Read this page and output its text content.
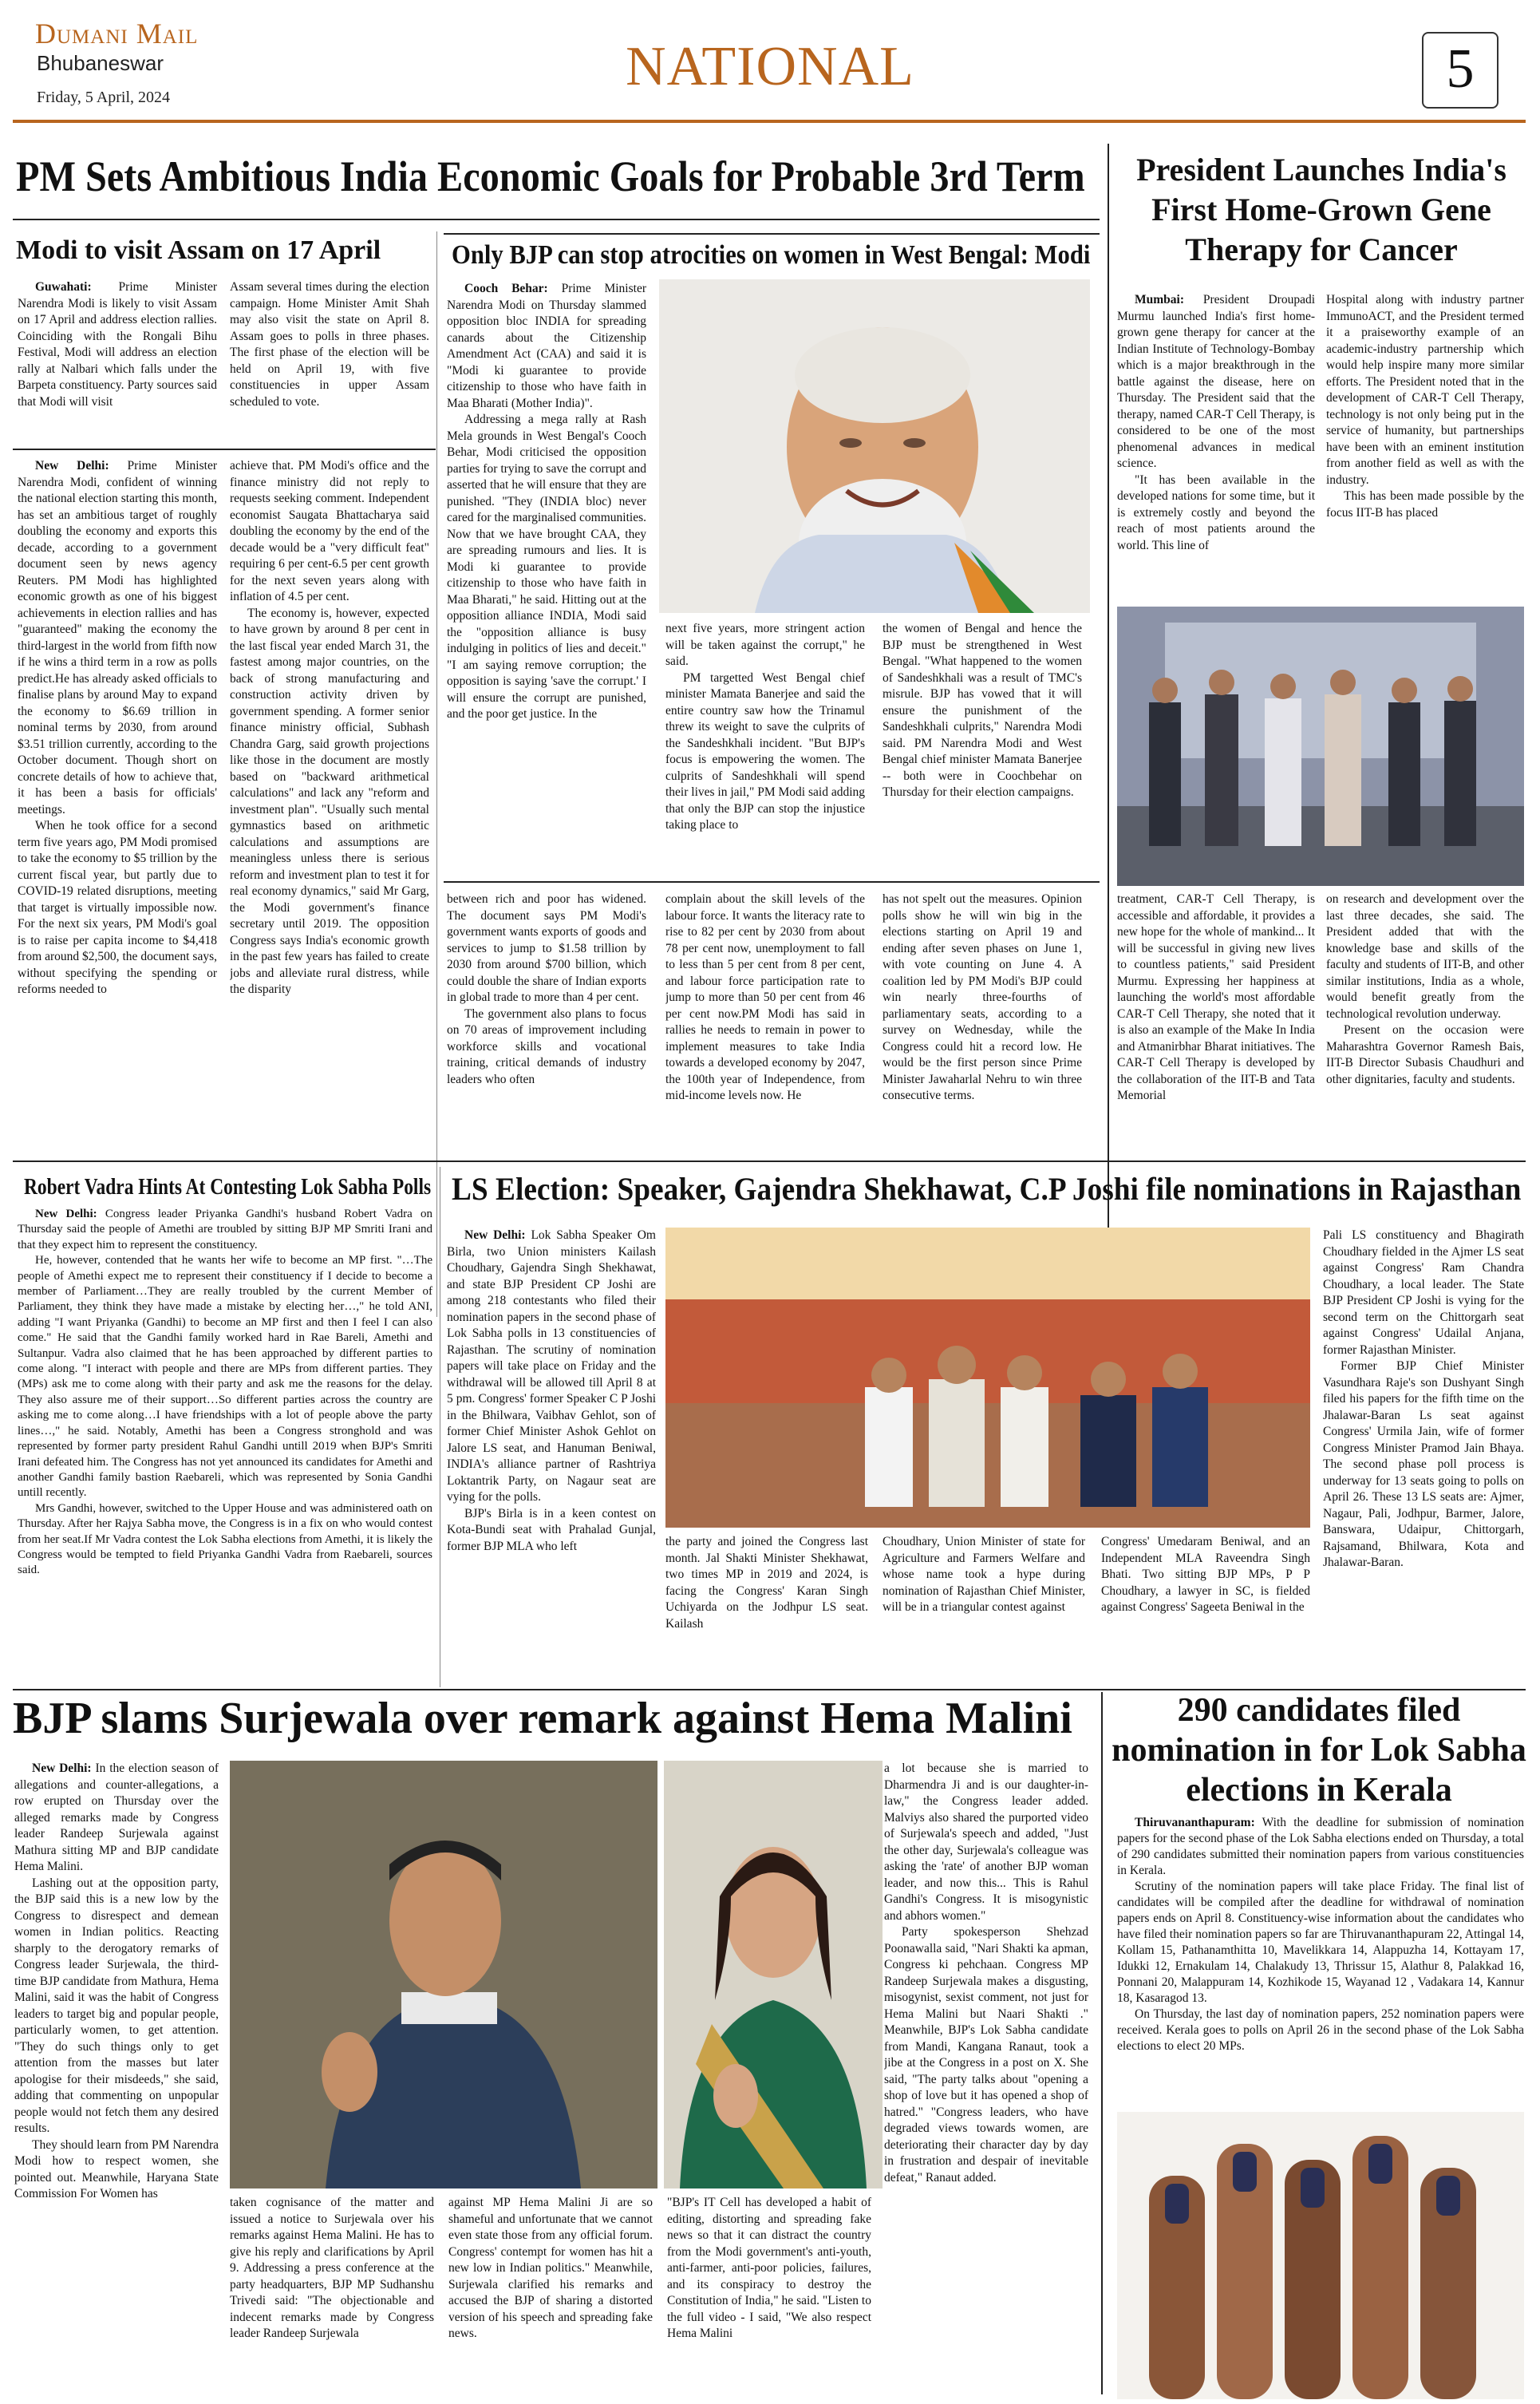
Dumani Mail
Bhubaneswar
Friday, 5 April, 2024	NATIONAL	5
PM Sets Ambitious India Economic Goals for Probable 3rd Term
Modi to visit Assam on 17 April

Guwahati: Prime Minister Narendra Modi is likely to visit Assam on 17 April and address election rallies. Coinciding with the Rongali Bihu Festival, Modi will address an election rally at Nalbari which falls under the Barpeta constituency. Party sources said that Modi will visit

Assam several times during the election campaign. Home Minister Amit Shah may also visit the state on April 8. Assam goes to polls in three phases. The first phase of the election will be held on April 19, with five constituencies in upper Assam scheduled to vote.

New Delhi: Prime Minister Narendra Modi, confident of winning the national election starting this month, has set an ambitious target of roughly doubling the economy and exports this decade, according to a government document seen by news agency Reuters. PM Modi has highlighted economic growth as one of his biggest achievements in election rallies and has "guaranteed" making the economy the third-largest in the world from fifth now if he wins a third term in a row as polls predict.He has already asked officials to finalise plans by around May to expand the economy to $6.69 trillion in nominal terms by 2030, from around $3.51 trillion currently, according to the October document. Though short on concrete details of how to achieve that, it has been a basis for officials' meetings.

When he took office for a second term five years ago, PM Modi promised to take the economy to $5 trillion by the current fiscal year, but partly due to COVID-19 related disruptions, meeting that target is virtually impossible now. For the next six years, PM Modi's goal is to raise per capita income to $4,418 from around $2,500, the document says, without specifying the spending or reforms needed to

achieve that. PM Modi's office and the finance ministry did not reply to requests seeking comment. Independent economist Saugata Bhattacharya said doubling the economy by the end of the decade would be a "very difficult feat" requiring 6 per cent-6.5 per cent growth for the next seven years along with inflation of 4.5 per cent.

The economy is, however, expected to have grown by around 8 per cent in the last fiscal year ended March 31, the fastest among major countries, on the back of strong manufacturing and construction activity driven by government spending. A former senior finance ministry official, Subhash Chandra Garg, said growth projections like those in the document are mostly based on "backward arithmetical calculations" and lack any "reform and investment plan". "Usually such mental gymnastics based on arithmetic calculations and assumptions are meaningless unless there is serious reform and investment plan to test it for real economy dynamics," said Mr Garg, the Modi government's finance secretary until 2019. The opposition Congress says India's economic growth in the past few years has failed to create jobs and alleviate rural distress, while the disparity

between rich and poor has widened. The document says PM Modi's government wants exports of goods and services to jump to $1.58 trillion by 2030 from around $700 billion, which could double the share of Indian exports in global trade to more than 4 per cent.

The government also plans to focus on 70 areas of improvement including workforce skills and vocational training, critical demands of industry leaders who often

complain about the skill levels of the labour force. It wants the literacy rate to rise to 82 per cent by 2030 from about 78 per cent now, unemployment to fall to less than 5 per cent from 8 per cent, and labour force participation rate to jump to more than 50 per cent from 46 per cent now.PM Modi has said in rallies he needs to remain in power to implement measures to take India towards a developed economy by 2047, the 100th year of Independence, from mid-income levels now. He

has not spelt out the measures. Opinion polls show he will win big in the elections starting on April 19 and ending after seven phases on June 1, with vote counting on June 4. A coalition led by PM Modi's BJP could win nearly three-fourths of parliamentary seats, according to a survey on Wednesday, while the Congress could hit a record low. He would be the first person since Prime Minister Jawaharlal Nehru to win three consecutive terms.

Only BJP can stop atrocities on women in West Bengal: Modi

Cooch Behar: Prime Minister Narendra Modi on Thursday slammed opposition bloc INDIA for spreading canards about the Citizenship Amendment Act (CAA) and said it is "Modi ki guarantee to provide citizenship to those who have faith in Maa Bharati (Mother India)".

Addressing a mega rally at Rash Mela grounds in West Bengal's Cooch Behar, Modi criticised the opposition parties for trying to save the corrupt and asserted that he will ensure that they are punished. "They (INDIA bloc) never cared for the marginalised communities. Now that we have brought CAA, they are spreading rumours and lies. It is Modi ki guarantee to provide citizenship to those who have faith in Maa Bharati," he said. Hitting out at the opposition alliance INDIA, Modi said the "opposition alliance is busy indulging in politics of lies and deceit." "I am saying remove corruption; the opposition is saying 'save the corrupt.' I will ensure the corrupt are punished, and the poor get justice. In the

next five years, more stringent action will be taken against the corrupt," he said.

PM targetted West Bengal chief minister Mamata Banerjee and said the entire country saw how the Trinamul threw its weight to save the culprits of the Sandeshkhali incident. "But BJP's focus is empowering the women. The culprits of Sandeshkhali will spend their lives in jail," PM Modi said adding that only the BJP can stop the injustice taking place to

the women of Bengal and hence the BJP must be strengthened in West Bengal. "What happened to the women of Sandeshkhali was a result of TMC's misrule. BJP has vowed that it will ensure the punishment of the Sandeshkhali culprits," Narendra Modi said. PM Narendra Modi and West Bengal chief minister Mamata Banerjee -- both were in Coochbehar on Thursday for their election campaigns.

President Launches India's First Home-Grown Gene Therapy for Cancer

Mumbai: President Droupadi Murmu launched India's first home-grown gene therapy for cancer at the Indian Institute of Technology-Bombay which is a major breakthrough in the battle against the disease, here on Thursday. The President said that the therapy, named CAR-T Cell Therapy, is considered to be one of the most phenomenal advances in medical science.

"It has been available in the developed nations for some time, but it is extremely costly and beyond the reach of most patients around the world. This line of

Hospital along with industry partner ImmunoACT, and the President termed it a praiseworthy example of an academic-industry partnership which would help inspire many more similar efforts. The President noted that in the development of CAR-T Cell Therapy, technology is not only being put in the service of humanity, but partnerships have been with an eminent institution from another field as well as with the industry.

This has been made possible by the focus IIT-B has placed

treatment, CAR-T Cell Therapy, is accessible and affordable, it provides a new hope for the whole of mankind... It will be successful in giving new lives to countless patients," said President Murmu. Expressing her happiness at launching the world's most affordable CAR-T Cell Therapy, she noted that it is also an example of the Make In India and Atmanirbhar Bharat initiatives. The CAR-T Cell Therapy is developed by the collaboration of the IIT-B and Tata Memorial

on research and development over the last three decades, she said. The President added that with the knowledge base and skills of the faculty and students of IIT-B, and other similar institutions, India as a whole, would benefit greatly from the technological revolution underway.

Present on the occasion were Maharashtra Governor Ramesh Bais, IIT-B Director Subasis Chaudhuri and other dignitaries, faculty and students.

Robert Vadra Hints At Contesting Lok Sabha Polls

New Delhi: Congress leader Priyanka Gandhi's husband Robert Vadra on Thursday said the people of Amethi are troubled by sitting BJP MP Smriti Irani and that they expect him to represent the constituency.

He, however, contended that he wants her wife to become an MP first. "…The people of Amethi expect me to represent their constituency if I decide to become a member of Parliament…They are really troubled by the current Member of Parliament, they think they have made a mistake by electing her…," he told ANI, adding "I want Priyanka (Gandhi) to become an MP first and then I feel I can also come." He said that the Gandhi family worked hard in Rae Bareli, Amethi and Sultanpur. Vadra also claimed that he has been approached by different parties to come along. "I interact with people and there are MPs from different parties. They (MPs) ask me to come along with their party and ask me the reasons for the delay. They also assure me of their support…So different parties across the country are asking me to come along…I have friendships with a lot of people above the party lines…," he said. Notably, Amethi has been a Congress stronghold and was represented by former party president Rahul Gandhi untill 2019 when BJP's Smriti Irani defeated him. The Congress has not yet announced its candidates for Amethi and another Gandhi family bastion Raebareli, which was represented by Sonia Gandhi untill recently.

Mrs Gandhi, however, switched to the Upper House and was administered oath on Thursday. After her Rajya Sabha move, the Congress is in a fix on who would contest from her seat.If Mr Vadra contest the Lok Sabha elections from Amethi, it is likely the Congress would be tempted to field Priyanka Gandhi Vadra from Raebareli, sources said.

LS Election: Speaker, Gajendra Shekhawat, C.P Joshi file nominations in Rajasthan

New Delhi: Lok Sabha Speaker Om Birla, two Union ministers Kailash Choudhary, Gajendra Singh Shekhawat, and state BJP President CP Joshi are among 218 contestants who filed their nomination papers in the second phase of Lok Sabha polls in 13 constituencies of Rajasthan. The scrutiny of nomination papers will take place on Friday and the withdrawal will be allowed till April 8 at 5 pm. Congress' former Speaker C P Joshi in the Bhilwara, Vaibhav Gehlot, son of former Chief Minister Ashok Gehlot on Jalore LS seat, and Hanuman Beniwal, INDIA's alliance partner of Rashtriya Loktantrik Party, on Nagaur seat are vying for the polls.

BJP's Birla is in a keen contest on Kota-Bundi seat with Prahalad Gunjal, former BJP MLA who left	the party and joined the Congress last month. Jal Shakti Minister Shekhawat, two times MP in 2019 and 2024, is facing the Congress' Karan Singh Uchiyarda on the Jodhpur LS seat. Kailash

Choudhary, Union Minister of state for Agriculture and Farmers Welfare and whose name took a hype during nomination of Rajasthan Chief Minister, will be in a triangular contest against

Congress' Umedaram Beniwal, and an Independent MLA Raveendra Singh Bhati. Two sitting BJP MPs, P P Choudhary, a lawyer in SC, is fielded against Congress' Sageeta Beniwal in the

Pali LS constituency and Bhagirath Choudhary fielded in the Ajmer LS seat against Congress' Ram Chandra Choudhary, a local leader. The State BJP President CP Joshi is vying for the second term on the Chittorgarh seat against Congress' Udailal Anjana, former Rajasthan Minister.

Former BJP Chief Minister Vasundhara Raje's son Dushyant Singh filed his papers for the fifth time on the Jhalawar-Baran Ls seat against Congress' Urmila Jain, wife of former Congress Minister Pramod Jain Bhaya. The second phase poll process is underway for 13 seats going to polls on April 26. These 13 LS seats are: Ajmer, Nagaur, Pali, Jodhpur, Barmer, Jalore, Banswara, Udaipur, Chittorgarh, Rajsamand, Bhilwara, Kota and Jhalawar-Baran.

BJP slams Surjewala over remark against Hema Malini

New Delhi: In the election season of allegations and counter-allegations, a row erupted on Thursday over the alleged remarks made by Congress leader Randeep Surjewala against Mathura sitting MP and BJP candidate Hema Malini.

Lashing out at the opposition party, the BJP said this is a new low by the Congress to disrespect and demean women in Indian politics. Reacting sharply to the derogatory remarks of Congress leader Surjewala, the third-time BJP candidate from Mathura, Hema Malini, said it was the habit of Congress leaders to target big and popular people, particularly women, to get attention. "They do such things only to get attention from the masses but later apologise for their misdeeds," she said, adding that commenting on unpopular people would not fetch them any desired results.

They should learn from PM Narendra Modi how to respect women, she pointed out. Meanwhile, Haryana State Commission For Women has

taken cognisance of the matter and issued a notice to Surjewala over his remarks against Hema Malini. He has to give his reply and clarifications by April 9. Addressing a press conference at the party headquarters, BJP MP Sudhanshu Trivedi said: "The objectionable and indecent remarks made by Congress leader Randeep Surjewala

against MP Hema Malini Ji are so shameful and unfortunate that we cannot even state those from any official forum. Congress' contempt for women has hit a new low in Indian politics." Meanwhile, Surjewala clarified his remarks and accused the BJP of sharing a distorted version of his speech and spreading fake news.

"BJP's IT Cell has developed a habit of editing, distorting and spreading fake news so that it can distract the country from the Modi government's anti-youth, anti-farmer, anti-poor policies, failures, and its conspiracy to destroy the Constitution of India," he said. "Listen to the full video - I said, "We also respect Hema Malini

a lot because she is married to Dharmendra Ji and is our daughter-in-law," the Congress leader added. Malviys also shared the purported video of Surjewala's speech and added, "Just the other day, Surjewala's colleague was asking the 'rate' of another BJP woman leader, and now this... This is Rahul Gandhi's Congress. It is misogynistic and abhors women."

Party spokesperson Shehzad Poonawalla said, "Nari Shakti ka apman, Congress ki pehchaan. Congress MP Randeep Surjewala makes a disgusting, misogynist, sexist comment, not just for Hema Malini but Naari Shakti ." Meanwhile, BJP's Lok Sabha candidate from Mandi, Kangana Ranaut, took a jibe at the Congress in a post on X. She said, "The party talks about "opening a shop of love but it has opened a shop of hatred." "Congress leaders, who have degraded views towards women, are deteriorating their character day by day in frustration and despair of inevitable defeat," Ranaut added.

290 candidates filed nomination in for Lok Sabha elections in Kerala

Thiruvananthapuram: With the deadline for submission of nomination papers for the second phase of the Lok Sabha elections ended on Thursday, a total of 290 candidates submitted their nomination papers from various constituencies in Kerala.

Scrutiny of the nomination papers will take place Friday. The final list of candidates will be compiled after the deadline for withdrawal of nomination papers ends on April 8. Constituency-wise information about the candidates who have filed their nomination papers so far are Thiruvananthapuram 22, Attingal 14, Kollam 15, Pathanamthitta 10, Mavelikkara 14, Alappuzha 14, Kottayam 17, Idukki 12, Ernakulam 14, Chalakudy 13, Thrissur 15, Alathur 8, Palakkad 16, Ponnani 20, Malappuram 14, Kozhikode 15, Wayanad 12 , Vadakara 14, Kannur 18, Kasaragod 13.

On Thursday, the last day of nomination papers, 252 nomination papers were received. Kerala goes to polls on April 26 in the second phase of the Lok Sabha elections to elect 20 MPs.
